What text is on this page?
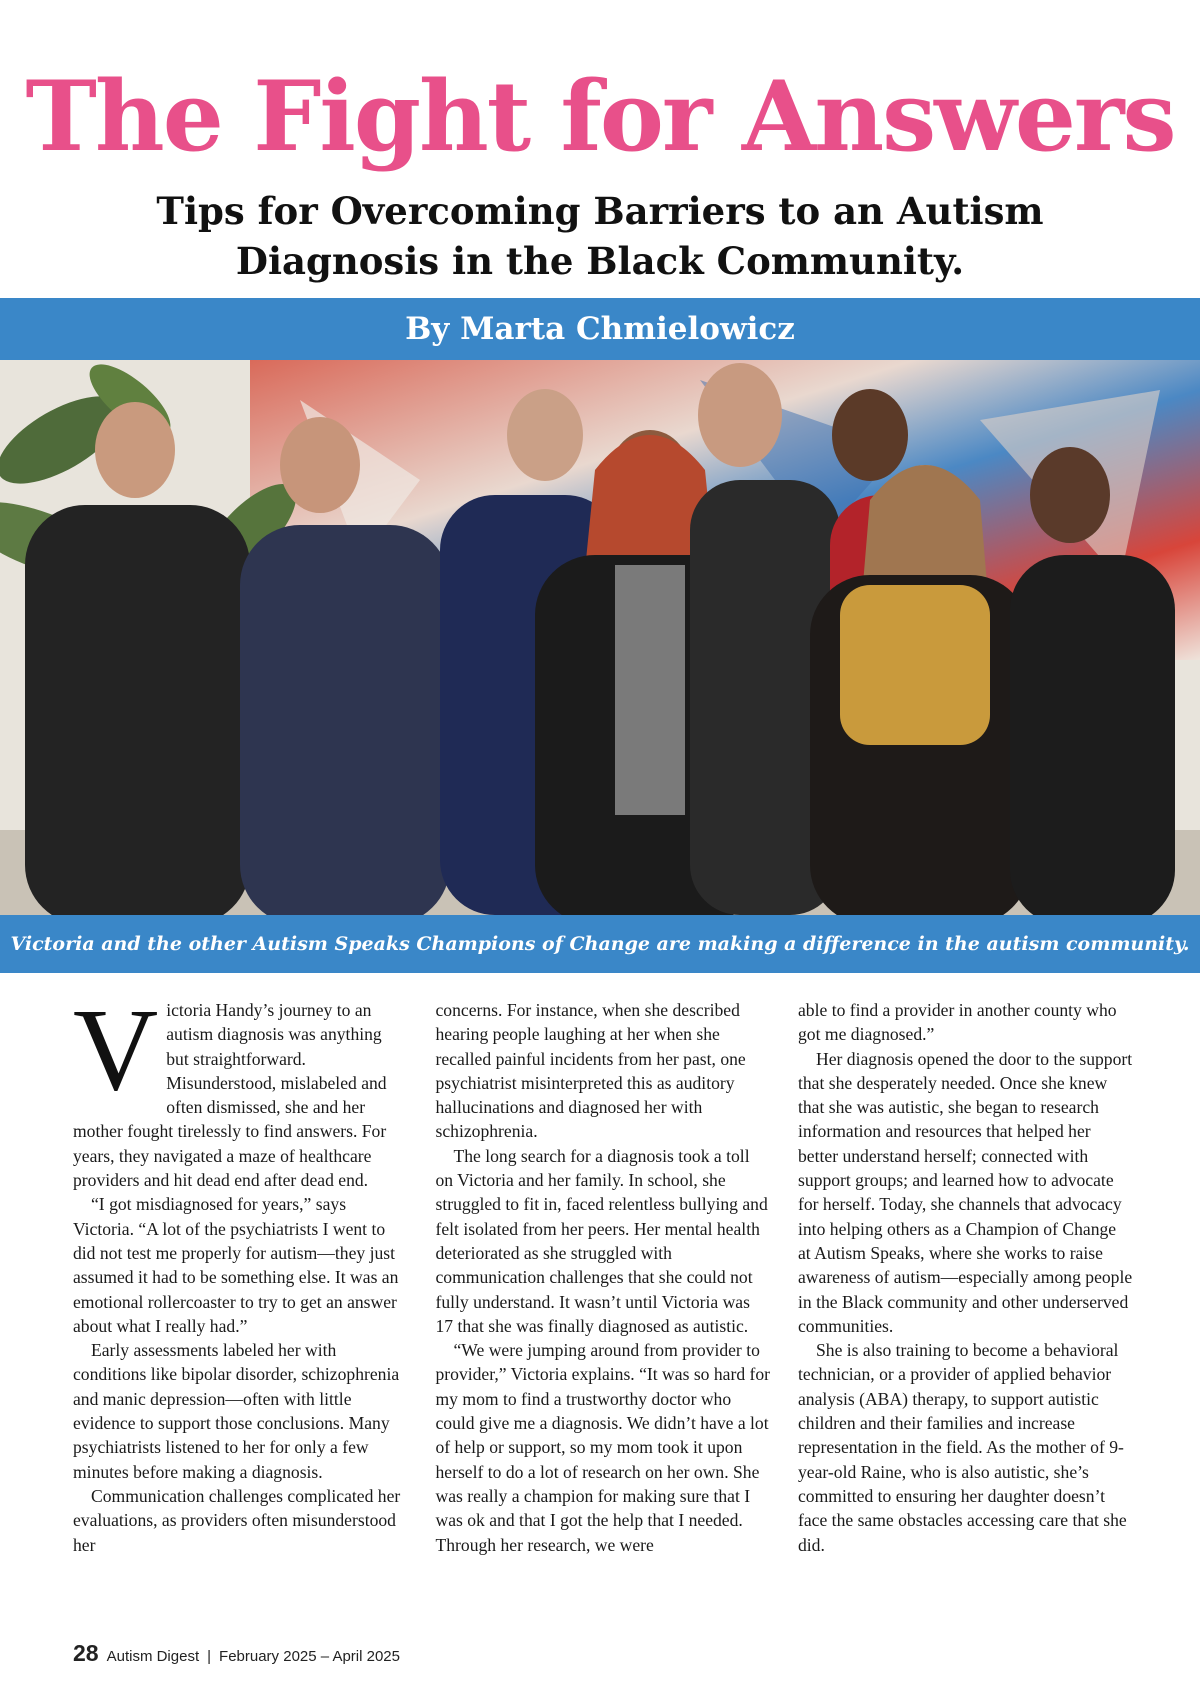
The Fight for Answers
Tips for Overcoming Barriers to an Autism Diagnosis in the Black Community.
By Marta Chmielowicz
Victoria and the other Autism Speaks Champions of Change are making a difference in the autism community.
V ictoria Handy’s journey to an autism diagnosis was anything but straightforward. Misunderstood, mislabeled and often dismissed, she and her mother fought tirelessly to find answers. For years, they navigated a maze of healthcare providers and hit dead end after dead end.

“I got misdiagnosed for years,” says Victoria. “A lot of the psychiatrists I went to did not test me properly for autism—they just assumed it had to be something else. It was an emotional rollercoaster to try to get an answer about what I really had.”

Early assessments labeled her with conditions like bipolar disorder, schizophrenia and manic depression—often with little evidence to support those conclusions. Many psychiatrists listened to her for only a few minutes before making a diagnosis.

Communication challenges complicated her evaluations, as providers often misunderstood her

concerns. For instance, when she described hearing people laughing at her when she recalled painful incidents from her past, one psychiatrist misinterpreted this as auditory hallucinations and diagnosed her with schizophrenia.

The long search for a diagnosis took a toll on Victoria and her family. In school, she struggled to fit in, faced relentless bullying and felt isolated from her peers. Her mental health deteriorated as she struggled with communication challenges that she could not fully understand. It wasn’t until Victoria was 17 that she was finally diagnosed as autistic.

“We were jumping around from provider to provider,” Victoria explains. “It was so hard for my mom to find a trustworthy doctor who could give me a diagnosis. We didn’t have a lot of help or support, so my mom took it upon herself to do a lot of research on her own. She was really a champion for making sure that I was ok and that I got the help that I needed. Through her research, we were

able to find a provider in another county who got me diagnosed.”

Her diagnosis opened the door to the support that she desperately needed. Once she knew that she was autistic, she began to research information and resources that helped her better understand herself; connected with support groups; and learned how to advocate for herself. Today, she channels that advocacy into helping others as a Champion of Change at Autism Speaks, where she works to raise awareness of autism—especially among people in the Black community and other underserved communities.

She is also training to become a behavioral technician, or a provider of applied behavior analysis (ABA) therapy, to support autistic children and their families and increase representation in the field. As the mother of 9-year-old Raine, who is also autistic, she’s committed to ensuring her daughter doesn’t face the same obstacles accessing care that she did.

28 Autism Digest | February 2025 – April 2025
